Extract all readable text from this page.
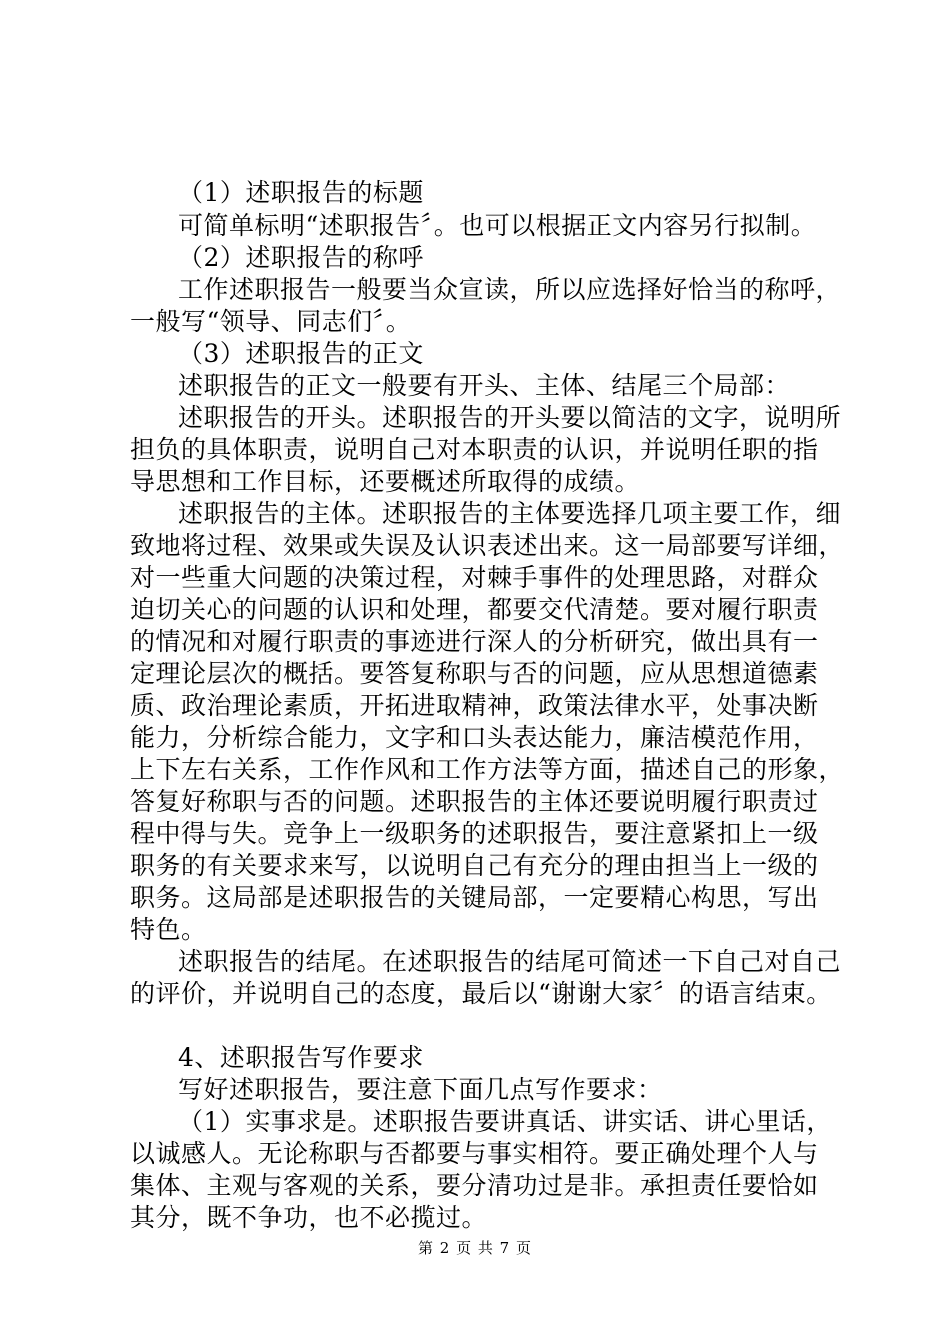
（1）述职报告的标题
可简单标明“述职报告〞。也可以根据正文内容另行拟制。
（2）述职报告的称呼
工作述职报告一般要当众宣读，所以应选择好恰当的称呼，
一般写“领导、同志们〞。
（3）述职报告的正文
述职报告的正文一般要有开头、主体、结尾三个局部：
述职报告的开头。述职报告的开头要以简洁的文字，说明所
担负的具体职责，说明自己对本职责的认识，并说明任职的指
导思想和工作目标，还要概述所取得的成绩。
述职报告的主体。述职报告的主体要选择几项主要工作，细
致地将过程、效果或失误及认识表述出来。这一局部要写详细，
对一些重大问题的决策过程，对棘手事件的处理思路，对群众
迫切关心的问题的认识和处理，都要交代清楚。要对履行职责
的情况和对履行职责的事迹进行深人的分析研究，做出具有一
定理论层次的概括。要答复称职与否的问题，应从思想道德素
质、政治理论素质，开拓进取精神，政策法律水平，处事决断
能力，分析综合能力，文字和口头表达能力，廉洁模范作用，
上下左右关系，工作作风和工作方法等方面，描述自己的形象，
答复好称职与否的问题。述职报告的主体还要说明履行职责过
程中得与失。竞争上一级职务的述职报告，要注意紧扣上一级
职务的有关要求来写，以说明自己有充分的理由担当上一级的
职务。这局部是述职报告的关键局部，一定要精心构思，写出
特色。
述职报告的结尾。在述职报告的结尾可简述一下自己对自己
的评价，并说明自己的态度，最后以“谢谢大家〞的语言结束。
4、述职报告写作要求
写好述职报告，要注意下面几点写作要求：
（1）实事求是。述职报告要讲真话、讲实话、讲心里话，
以诚感人。无论称职与否都要与事实相符。要正确处理个人与
集体、主观与客观的关系，要分清功过是非。承担责任要恰如
其分，既不争功，也不必揽过。
第 2 页 共 7 页
